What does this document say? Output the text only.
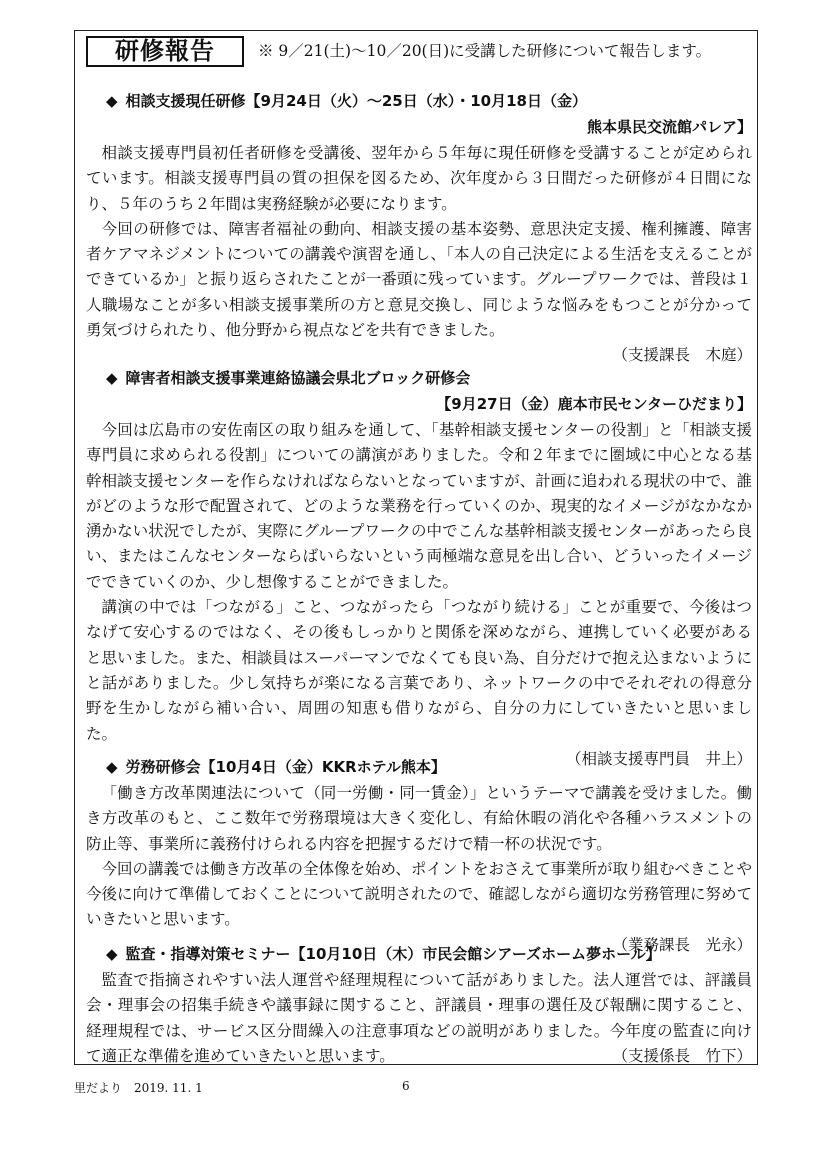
研修報告	※ 9／21(土)～10／20(日)に受講した研修について報告します。
◆ 相談支援現任研修【9月24日（火）～25日（水）・10月18日（金）
熊本県民交流館パレア】

相談支援専門員初任者研修を受講後、翌年から５年毎に現任研修を受講することが定められています。相談支援専門員の質の担保を図るため、次年度から３日間だった研修が４日間になり、５年のうち２年間は実務経験が必要になります。

今回の研修では、障害者福祉の動向、相談支援の基本姿勢、意思決定支援、権利擁護、障害者ケアマネジメントについての講義や演習を通し、「本人の自己決定による生活を支えることができているか」と振り返らされたことが一番頭に残っています。グループワークでは、普段は１人職場なことが多い相談支援事業所の方と意見交換し、同じような悩みをもつことが分かって勇気づけられたり、他分野から視点などを共有できました。

（支援課長　木庭）

◆ 障害者相談支援事業連絡協議会県北ブロック研修会
【9月27日（金）鹿本市民センターひだまり】

今回は広島市の安佐南区の取り組みを通して、「基幹相談支援センターの役割」と「相談支援専門員に求められる役割」についての講演がありました。令和２年までに圏域に中心となる基幹相談支援センターを作らなければならないとなっていますが、計画に追われる現状の中で、誰がどのような形で配置されて、どのような業務を行っていくのか、現実的なイメージがなかなか湧かない状況でしたが、実際にグループワークの中でこんな基幹相談支援センターがあったら良い、またはこんなセンターならばいらないという両極端な意見を出し合い、どういったイメージでできていくのか、少し想像することができました。

講演の中では「つながる」こと、つながったら「つながり続ける」ことが重要で、今後はつなげて安心するのではなく、その後もしっかりと関係を深めながら、連携していく必要があると思いました。また、相談員はスーパーマンでなくても良い為、自分だけで抱え込まないようにと話がありました。少し気持ちが楽になる言葉であり、ネットワークの中でそれぞれの得意分野を生かしながら補い合い、周囲の知恵も借りながら、自分の力にしていきたいと思いました。

（相談支援専門員　井上）

◆ 労務研修会【10月4日（金）KKRホテル熊本】

「働き方改革関連法について（同一労働・同一賃金）」というテーマで講義を受けました。働き方改革のもと、ここ数年で労務環境は大きく変化し、有給休暇の消化や各種ハラスメントの防止等、事業所に義務付けられる内容を把握するだけで精一杯の状況です。

今回の講義では働き方改革の全体像を始め、ポイントをおさえて事業所が取り組むべきことや今後に向けて準備しておくことについて説明されたので、確認しながら適切な労務管理に努めていきたいと思います。

（業務課長　光永）

◆ 監査・指導対策セミナー【10月10日（木）市民会館シアーズホーム夢ホール】

監査で指摘されやすい法人運営や経理規程について話がありました。法人運営では、評議員会・理事会の招集手続きや議事録に関すること、評議員・理事の選任及び報酬に関すること、経理規程では、サービス区分間繰入の注意事項などの説明がありました。今年度の監査に向けて適正な準備を進めていきたいと思います。	（支援係長　竹下）

里だより　2019. 11. 1	6
